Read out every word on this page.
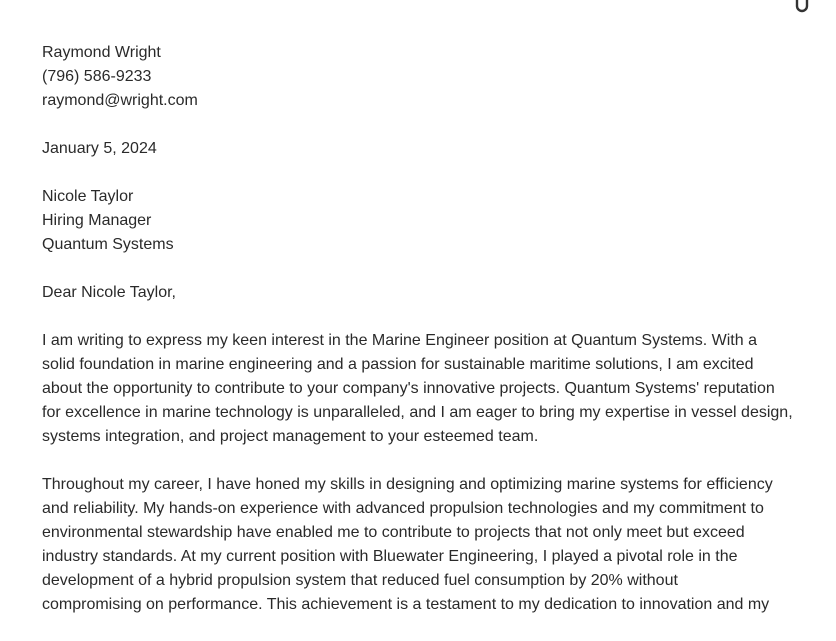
Raymond Wright
(796) 586-9233
raymond@wright.com
January 5, 2024
Nicole Taylor
Hiring Manager
Quantum Systems
Dear Nicole Taylor,
I am writing to express my keen interest in the Marine Engineer position at Quantum Systems. With a
solid foundation in marine engineering and a passion for sustainable maritime solutions, I am excited
about the opportunity to contribute to your company's innovative projects. Quantum Systems' reputation
for excellence in marine technology is unparalleled, and I am eager to bring my expertise in vessel design,
systems integration, and project management to your esteemed team.
Throughout my career, I have honed my skills in designing and optimizing marine systems for efficiency
and reliability. My hands-on experience with advanced propulsion technologies and my commitment to
environmental stewardship have enabled me to contribute to projects that not only meet but exceed
industry standards. At my current position with Bluewater Engineering, I played a pivotal role in the
development of a hybrid propulsion system that reduced fuel consumption by 20% without
compromising on performance. This achievement is a testament to my dedication to innovation and my
